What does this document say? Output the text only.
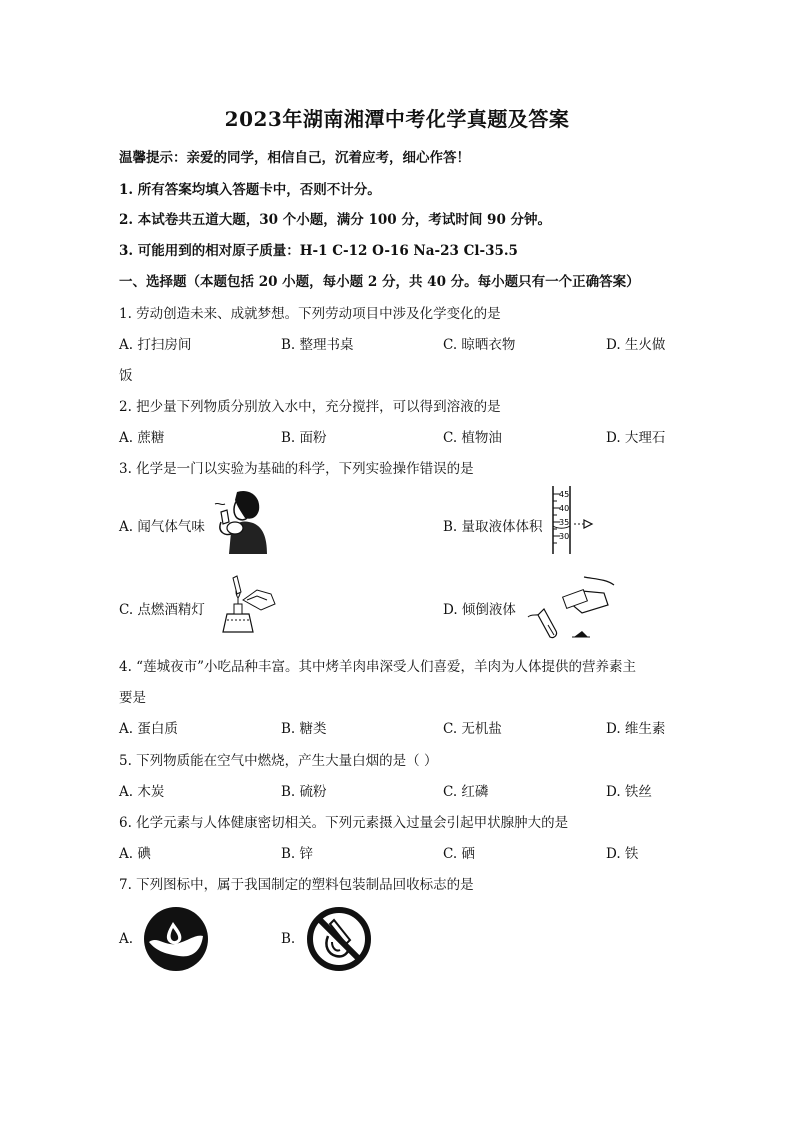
2023年湖南湘潭中考化学真题及答案
温馨提示：亲爱的同学，相信自己，沉着应考，细心作答！
1. 所有答案均填入答题卡中，否则不计分。
2. 本试卷共五道大题，30 个小题，满分 100 分，考试时间 90 分钟。
3. 可能用到的相对原子质量：H-1 C-12 O-16 Na-23 Cl-35.5
一、选择题（本题包括 20 小题，每小题 2 分，共 40 分。每小题只有一个正确答案）
1. 劳动创造未来、成就梦想。下列劳动项目中涉及化学变化的是
A. 打扫房间	B. 整理书桌	C. 晾晒衣物	D. 生火做
饭
2. 把少量下列物质分别放入水中，充分搅拌，可以得到溶液的是
A. 蔗糖	B. 面粉	C. 植物油	D. 大理石
3. 化学是一门以实验为基础的科学，下列实验操作错误的是
A. 闻气体气味	B. 量取液体体积
C. 点燃酒精灯	D. 倾倒液体
45
40
35
30
4. “莲城夜市”小吃品种丰富。其中烤羊肉串深受人们喜爱，羊肉为人体提供的营养素主
要是
A. 蛋白质	B. 糖类	C. 无机盐	D. 维生素
5. 下列物质能在空气中燃烧，产生大量白烟的是（ ）
A. 木炭	B. 硫粉	C. 红磷	D. 铁丝
6. 化学元素与人体健康密切相关。下列元素摄入过量会引起甲状腺肿大的是
A. 碘	B. 锌	C. 硒	D. 铁
7. 下列图标中，属于我国制定的塑料包装制品回收标志的是
A.	B.
